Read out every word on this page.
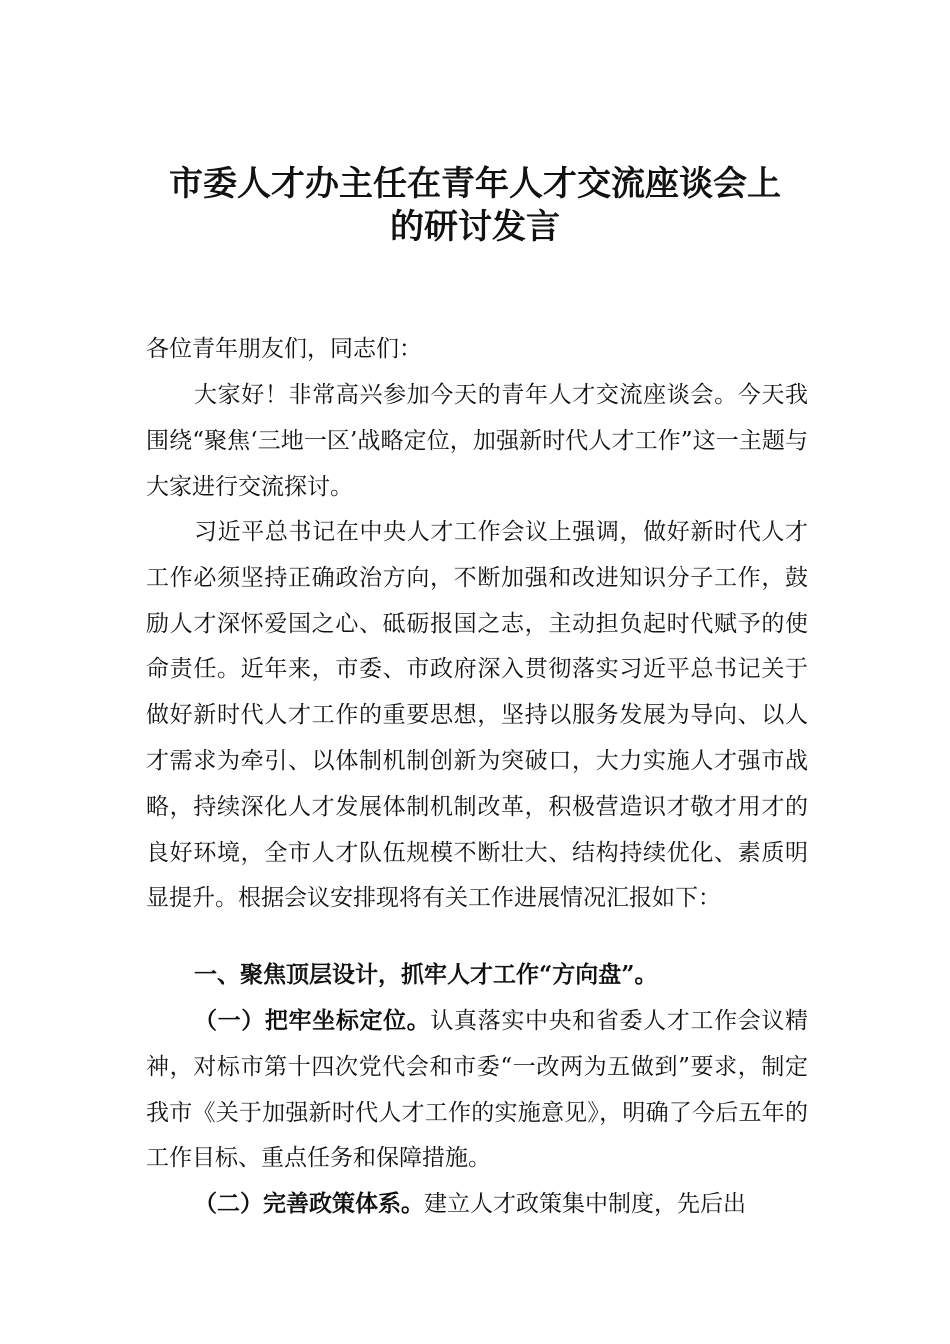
市委人才办主任在青年人才交流座谈会上
的研讨发言

各位青年朋友们，同志们：

大家好！非常高兴参加今天的青年人才交流座谈会。今天我围绕“聚焦‘三地一区’战略定位，加强新时代人才工作”这一主题与大家进行交流探讨。

习近平总书记在中央人才工作会议上强调，做好新时代人才工作必须坚持正确政治方向，不断加强和改进知识分子工作，鼓励人才深怀爱国之心、砥砺报国之志，主动担负起时代赋予的使命责任。近年来，市委、市政府深入贯彻落实习近平总书记关于做好新时代人才工作的重要思想，坚持以服务发展为导向、以人才需求为牵引、以体制机制创新为突破口，大力实施人才强市战略，持续深化人才发展体制机制改革，积极营造识才敬才用才的良好环境，全市人才队伍规模不断壮大、结构持续优化、素质明显提升。根据会议安排现将有关工作进展情况汇报如下：

一、聚焦顶层设计，抓牢人才工作“方向盘”。

（一）把牢坐标定位。认真落实中央和省委人才工作会议精神，对标市第十四次党代会和市委“一改两为五做到”要求，制定我市《关于加强新时代人才工作的实施意见》，明确了今后五年的工作目标、重点任务和保障措施。

（二）完善政策体系。建立人才政策集中制度，先后出
